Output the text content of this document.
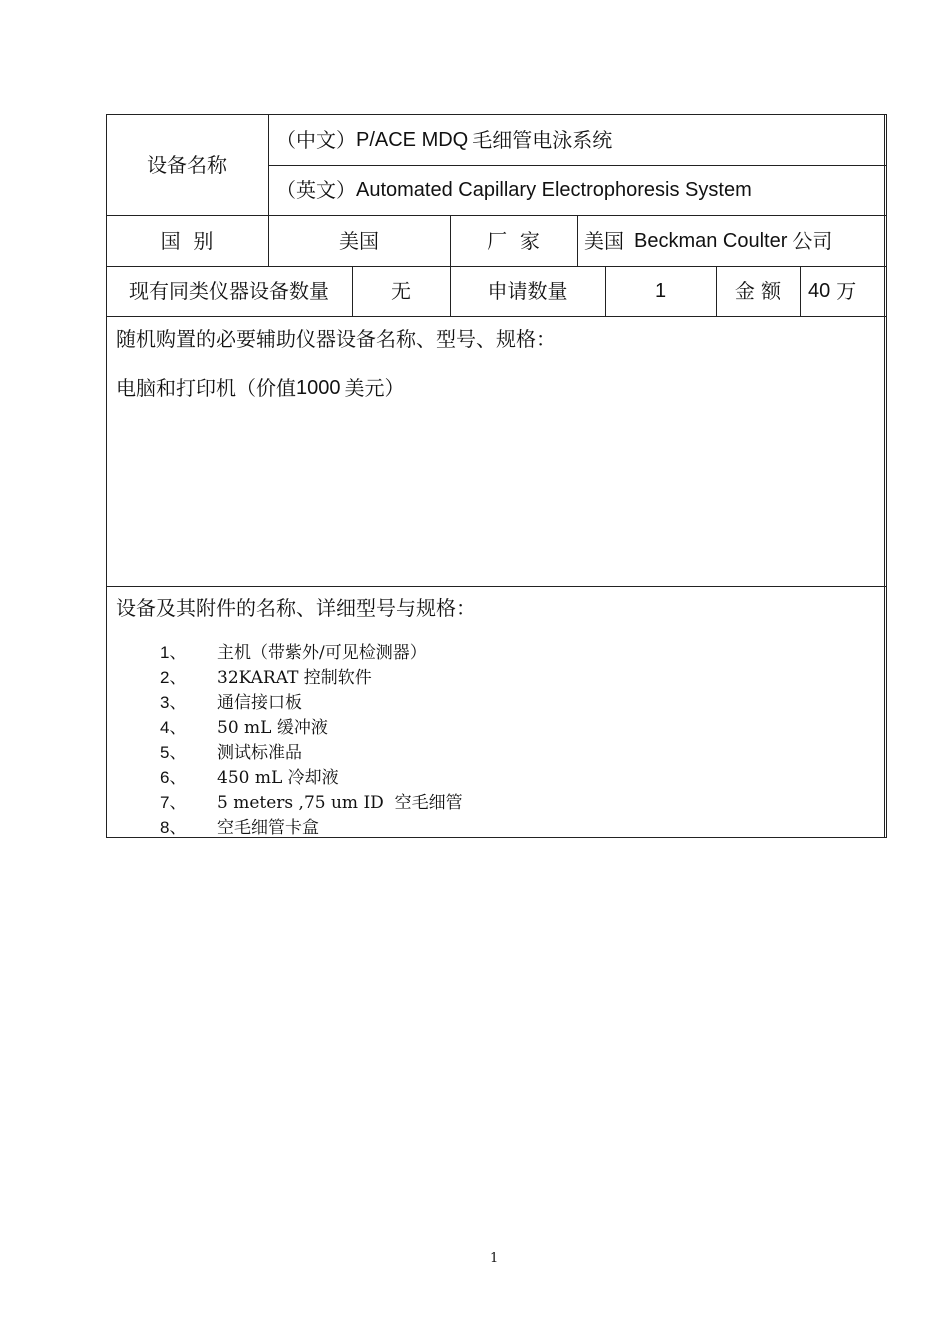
设备名称
（中文） P/ACE MDQ 毛细管电泳系统
（英文） Automated Capillary Electrophoresis System
国  别	美国	厂  家	美国 Beckman Coulter 公司
现有同类仪器设备数量	无	申请数量	1	金 额	40 万
随机购置的必要辅助仪器设备名称、型号、规格：
电脑和打印机（价值 1000 美元）
设备及其附件的名称、详细型号与规格：
1、 主机（带紫外/可见检测器）
2、 32KARAT 控制软件
3、 通信接口板
4、 50 mL 缓冲液
5、 测试标准品
6、 450 mL 冷却液
7、 5 meters ,75 um ID  空毛细管
8、 空毛细管卡盒
1
